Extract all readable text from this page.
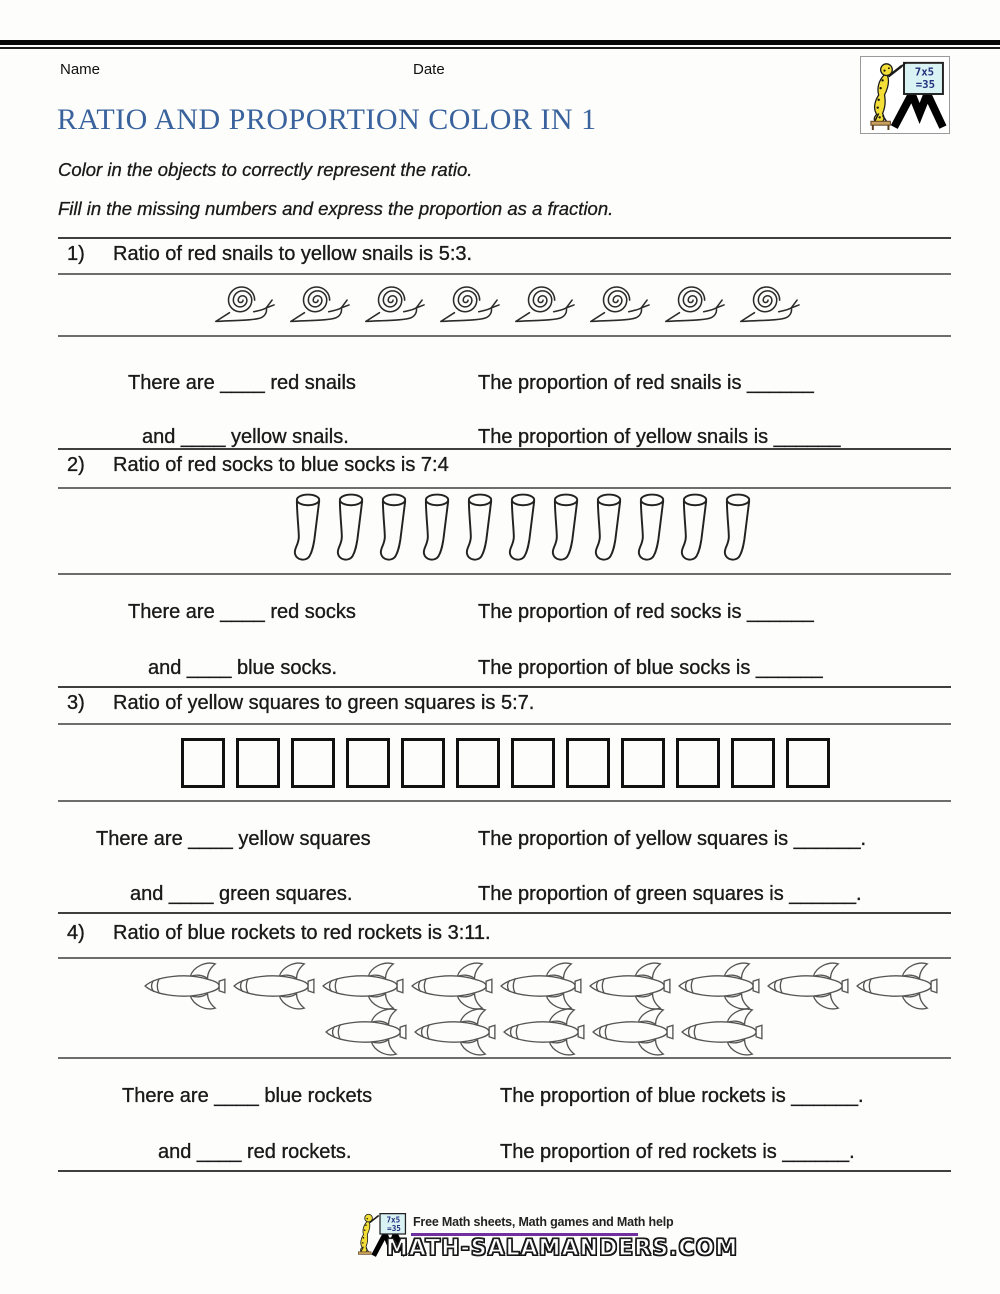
Name	Date	7x5
=35
RATIO AND PROPORTION COLOR IN 1
Color in the objects to correctly represent the ratio.
Fill in the missing numbers and express the proportion as a fraction.
1) Ratio of red snails to yellow snails is 5:3.
2) Ratio of red socks to blue socks is 7:4
3) Ratio of yellow squares to green squares is 5:7.
4) Ratio of blue rockets to red rockets is 3:11.
There are ____ red snails	The proportion of red snails is ______
and ____ yellow snails.	The proportion of yellow snails is ______
There are ____ red socks	The proportion of red socks is ______
and ____ blue socks.	The proportion of blue socks is ______
There are ____ yellow squares	The proportion of yellow squares is ______.
and ____ green squares.	The proportion of green squares is ______.
There are ____ blue rockets	The proportion of blue rockets is ______.
and ____ red rockets.	The proportion of red rockets is ______.
7x5
=35 Free Math sheets, Math games and Math help
MATH-SALAMANDERS.COM
